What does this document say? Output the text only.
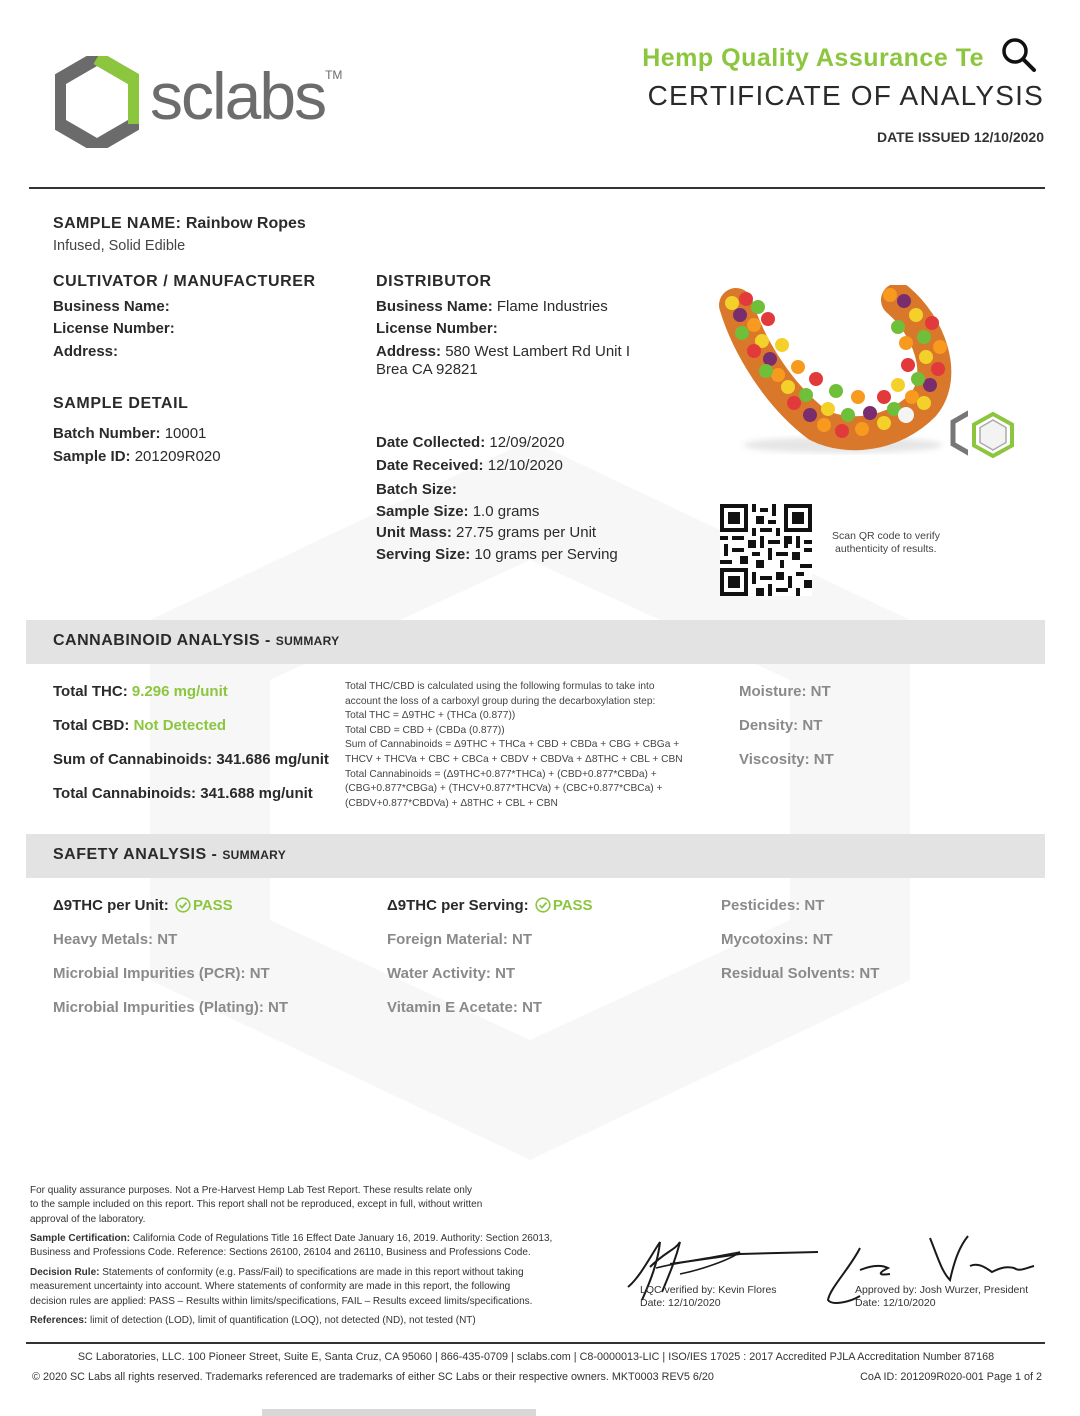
sclabs™
Hemp Quality Assurance Te
CERTIFICATE OF ANALYSIS
DATE ISSUED 12/10/2020
SAMPLE NAME: Rainbow Ropes
Infused, Solid Edible
CULTIVATOR / MANUFACTURER
Business Name:
License Number:
Address:
DISTRIBUTOR
Business Name: Flame Industries
License Number:
Address: 580 West Lambert Rd Unit I
Brea CA 92821
SAMPLE DETAIL
Batch Number: 10001
Sample ID: 201209R020
Date Collected: 12/09/2020
Date Received: 12/10/2020
Batch Size:
Sample Size: 1.0 grams
Unit Mass: 27.75 grams per Unit
Serving Size: 10 grams per Serving
Scan QR code to verify
authenticity of results.
CANNABINOID ANALYSIS - SUMMARY
Total THC: 9.296 mg/unit
Total CBD: Not Detected
Sum of Cannabinoids: 341.686 mg/unit
Total Cannabinoids: 341.688 mg/unit
Total THC/CBD is calculated using the following formulas to take into
account the loss of a carboxyl group during the decarboxylation step:
Total THC = Δ9THC + (THCa (0.877))
Total CBD = CBD + (CBDa (0.877))
Sum of Cannabinoids = Δ9THC + THCa + CBD + CBDa + CBG + CBGa +
THCV + THCVa + CBC + CBCa + CBDV + CBDVa + Δ8THC + CBL + CBN
Total Cannabinoids = (Δ9THC+0.877*THCa) + (CBD+0.877*CBDa) +
(CBG+0.877*CBGa) + (THCV+0.877*THCVa) + (CBC+0.877*CBCa) +
(CBDV+0.877*CBDVa) + Δ8THC + CBL + CBN
Moisture: NT
Density: NT
Viscosity: NT
SAFETY ANALYSIS - SUMMARY
Δ9THC per Unit: PASS	Δ9THC per Serving: PASS	Pesticides: NT
Heavy Metals: NT	Foreign Material: NT	Mycotoxins: NT
Microbial Impurities (PCR): NT	Water Activity: NT	Residual Solvents: NT
Microbial Impurities (Plating): NT	Vitamin E Acetate: NT
For quality assurance purposes. Not a Pre-Harvest Hemp Lab Test Report. These results relate only
to the sample included on this report. This report shall not be reproduced, except in full, without written
approval of the laboratory.
Sample Certification: California Code of Regulations Title 16 Effect Date January 16, 2019. Authority: Section 26013,
Business and Professions Code. Reference: Sections 26100, 26104 and 26110, Business and Professions Code.
Decision Rule: Statements of conformity (e.g. Pass/Fail) to specifications are made in this report without taking
measurement uncertainty into account. Where statements of conformity are made in this report, the following
decision rules are applied: PASS – Results within limits/specifications, FAIL – Results exceed limits/specifications.
References: limit of detection (LOD), limit of quantification (LOQ), not detected (ND), not tested (NT)
LQC verified by: Kevin Flores
Date: 12/10/2020
Approved by: Josh Wurzer, President
Date: 12/10/2020
SC Laboratories, LLC. 100 Pioneer Street, Suite E, Santa Cruz, CA 95060 | 866-435-0709 | sclabs.com | C8-0000013-LIC | ISO/IES 17025 : 2017 Accredited PJLA Accreditation Number 87168
© 2020 SC Labs all rights reserved. Trademarks referenced are trademarks of either SC Labs or their respective owners. MKT0003 REV5 6/20	CoA ID: 201209R020-001 Page 1 of 2
